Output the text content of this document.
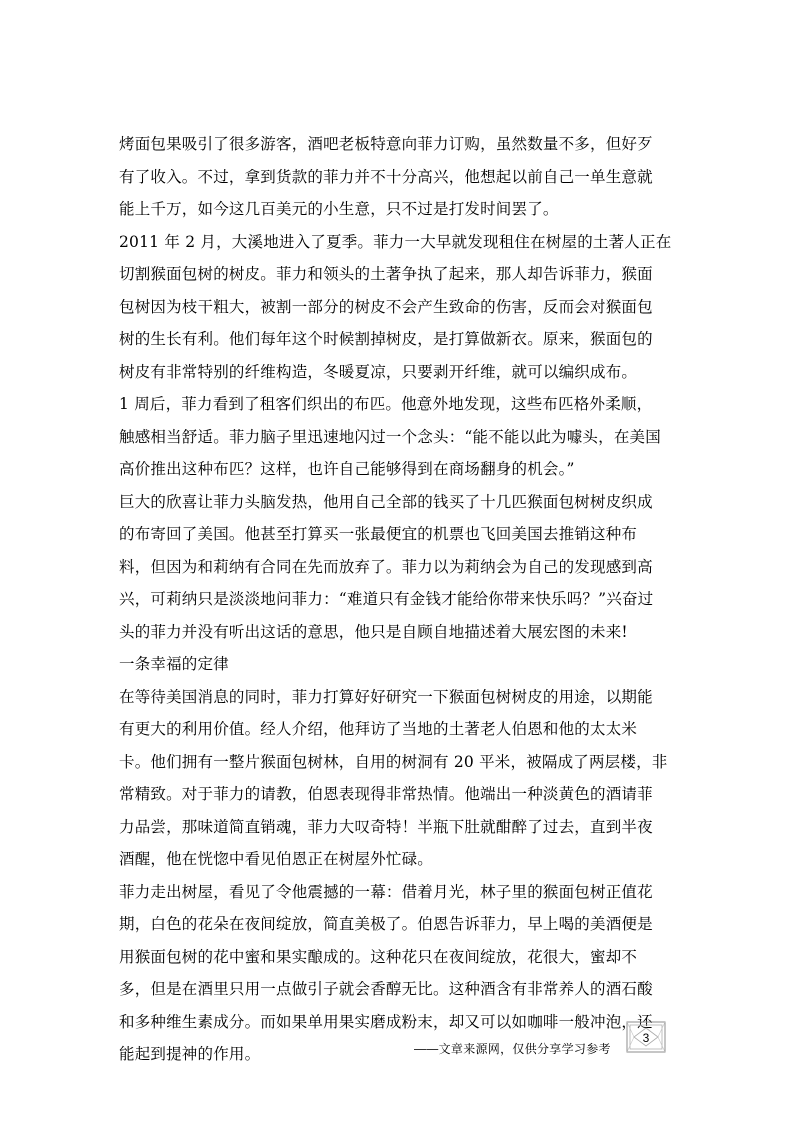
烤面包果吸引了很多游客，酒吧老板特意向菲力订购，虽然数量不多，但好歹
有了收入。不过，拿到货款的菲力并不十分高兴，他想起以前自己一单生意就
能上千万，如今这几百美元的小生意，只不过是打发时间罢了。
2011 年 2 月，大溪地进入了夏季。菲力一大早就发现租住在树屋的土著人正在
切割猴面包树的树皮。菲力和领头的土著争执了起来，那人却告诉菲力，猴面
包树因为枝干粗大，被割一部分的树皮不会产生致命的伤害，反而会对猴面包
树的生长有利。他们每年这个时候割掉树皮，是打算做新衣。原来，猴面包的
树皮有非常特别的纤维构造，冬暖夏凉，只要剥开纤维，就可以编织成布。
1 周后，菲力看到了租客们织出的布匹。他意外地发现，这些布匹格外柔顺，
触感相当舒适。菲力脑子里迅速地闪过一个念头：“能不能以此为噱头，在美国
高价推出这种布匹？这样，也许自己能够得到在商场翻身的机会。”
巨大的欣喜让菲力头脑发热，他用自己全部的钱买了十几匹猴面包树树皮织成
的布寄回了美国。他甚至打算买一张最便宜的机票也飞回美国去推销这种布
料，但因为和莉纳有合同在先而放弃了。菲力以为莉纳会为自己的发现感到高
兴，可莉纳只是淡淡地问菲力：“难道只有金钱才能给你带来快乐吗？”兴奋过
头的菲力并没有听出这话的意思，他只是自顾自地描述着大展宏图的未来!
一条幸福的定律
在等待美国消息的同时，菲力打算好好研究一下猴面包树树皮的用途，以期能
有更大的利用价值。经人介绍，他拜访了当地的土著老人伯恩和他的太太米
卡。他们拥有一整片猴面包树林，自用的树洞有 20 平米，被隔成了两层楼，非
常精致。对于菲力的请教，伯恩表现得非常热情。他端出一种淡黄色的酒请菲
力品尝，那味道简直销魂，菲力大叹奇特！半瓶下肚就酣醉了过去，直到半夜
酒醒，他在恍惚中看见伯恩正在树屋外忙碌。
菲力走出树屋，看见了令他震撼的一幕：借着月光，林子里的猴面包树正值花
期，白色的花朵在夜间绽放，简直美极了。伯恩告诉菲力，早上喝的美酒便是
用猴面包树的花中蜜和果实酿成的。这种花只在夜间绽放，花很大，蜜却不
多，但是在酒里只用一点做引子就会香醇无比。这种酒含有非常养人的酒石酸
和多种维生素成分。而如果单用果实磨成粉末，却又可以如咖啡一般冲泡，还
能起到提神的作用。	――文章来源网，仅供分享学习参考
3
